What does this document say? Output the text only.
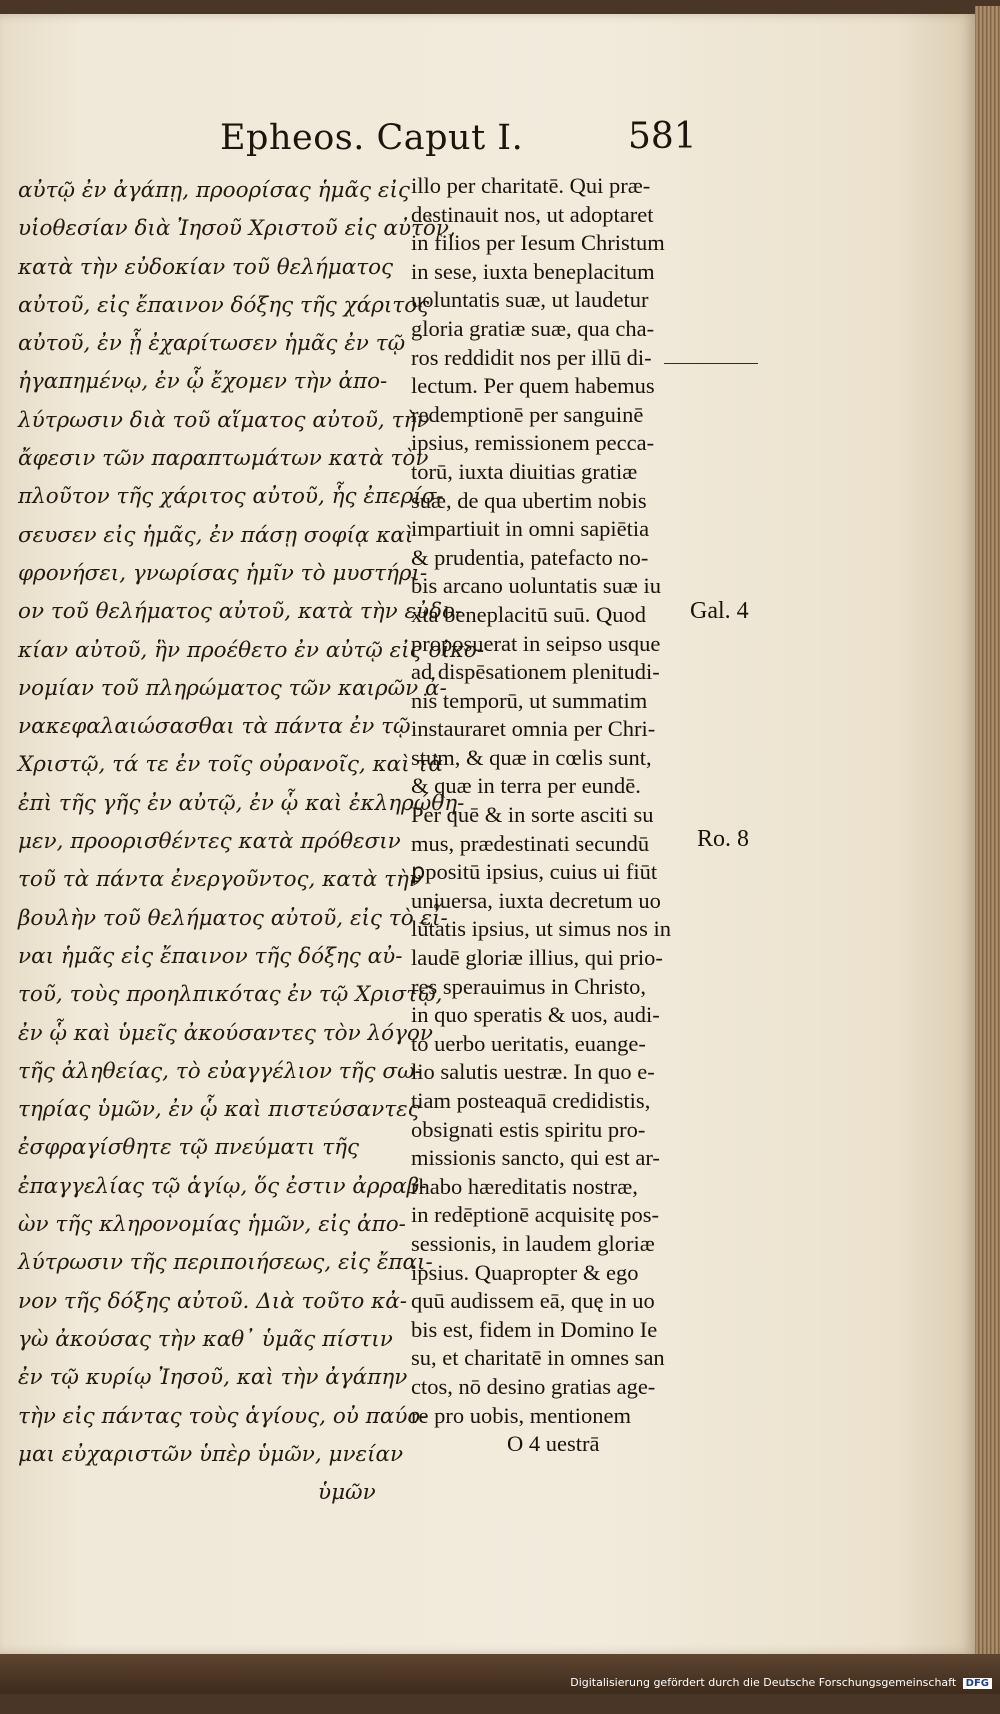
Epheos. Caput I.	581
αὐτῷ ἐν ἀγάπῃ, προορίσας ἡμᾶς εἰς
υἱοθεσίαν διὰ Ἰησοῦ Χριστοῦ εἰς αὐτὸν,
κατὰ τὴν εὐδοκίαν τοῦ θελήματος
αὐτοῦ, εἰς ἔπαινον δόξης τῆς χάριτος
αὐτοῦ, ἐν ᾗ ἐχαρίτωσεν ἡμᾶς ἐν τῷ
ἠγαπημένῳ, ἐν ᾧ ἔχομεν τὴν ἀπο-
λύτρωσιν διὰ τοῦ αἵματος αὐτοῦ, τὴν
ἄφεσιν τῶν παραπτωμάτων κατὰ τὸν
πλοῦτον τῆς χάριτος αὐτοῦ, ἧς ἐπερίσ-
σευσεν εἰς ἡμᾶς, ἐν πάσῃ σοφίᾳ καὶ
φρονήσει, γνωρίσας ἡμῖν τὸ μυστήρι-
ον τοῦ θελήματος αὐτοῦ, κατὰ τὴν εὐδο-
κίαν αὐτοῦ, ἣν προέθετο ἐν αὐτῷ εἰς οἰκο-
νομίαν τοῦ πληρώματος τῶν καιρῶν ἀ-
νακεφαλαιώσασθαι τὰ πάντα ἐν τῷ
Χριστῷ, τά τε ἐν τοῖς οὐρανοῖς, καὶ τὰ
ἐπὶ τῆς γῆς ἐν αὐτῷ, ἐν ᾧ καὶ ἐκληρώθη-
μεν, προορισθέντες κατὰ πρόθεσιν
τοῦ τὰ πάντα ἐνεργοῦντος, κατὰ τὴν
βουλὴν τοῦ θελήματος αὐτοῦ, εἰς τὸ εἶ-
ναι ἡμᾶς εἰς ἔπαινον τῆς δόξης αὐ-
τοῦ, τοὺς προηλπικότας ἐν τῷ Χριστῷ,
ἐν ᾧ καὶ ὑμεῖς ἀκούσαντες τὸν λόγον
τῆς ἀληθείας, τὸ εὐαγγέλιον τῆς σω-
τηρίας ὑμῶν, ἐν ᾧ καὶ πιστεύσαντες
ἐσφραγίσθητε τῷ πνεύματι τῆς
ἐπαγγελίας τῷ ἁγίῳ, ὅς ἐστιν ἀρραβ-
ὼν τῆς κληρονομίας ἡμῶν, εἰς ἀπο-
λύτρωσιν τῆς περιποιήσεως, εἰς ἔπαι-
νον τῆς δόξης αὐτοῦ. Διὰ τοῦτο κἀ-
γὼ ἀκούσας τὴν καθ᾽ ὑμᾶς πίστιν
ἐν τῷ κυρίῳ Ἰησοῦ, καὶ τὴν ἀγάπην
τὴν εἰς πάντας τοὺς ἁγίους, οὐ παύο-
μαι εὐχαριστῶν ὑπὲρ ὑμῶν, μνείαν
ὑμῶν
illo per charitatē. Qui præ-
destinauit nos, ut adoptaret
in filios per Iesum Christum
in sese, iuxta beneplacitum
uoluntatis suæ, ut laudetur
gloria gratiæ suæ, qua cha-
ros reddidit nos per illū di-
lectum. Per quem habemus
redemptionē per sanguinē
ipsius, remissionem pecca-
torū, iuxta diuitias gratiæ
suæ, de qua ubertim nobis
impartiuit in omni sapiētia
& prudentia, patefacto no-
bis arcano uoluntatis suæ iu
xta beneplacitū suū. Quod
proposuerat in seipso usque
ad dispēsationem plenitudi-
nis temporū, ut summatim
instauraret omnia per Chri-
stum, & quæ in cœlis sunt,
& quæ in terra per eundē.
Per quē & in sorte asciti su
mus, prædestinati secundū
ꝑpositū ipsius, cuius ui fiūt
uniuersa, iuxta decretum uo
lūtatis ipsius, ut simus nos in
laudē gloriæ illius, qui prio-
res sperauimus in Christo,
in quo speratis & uos, audi-
to uerbo ueritatis, euange-
lio salutis uestræ. In quo e-
tiam posteaquā credidistis,
obsignati estis spiritu pro-
missionis sancto, qui est ar-
rhabo hæreditatis nostræ,
in redēptionē acquisitę pos-
sessionis, in laudem gloriæ
ipsius. Quapropter & ego
quū audissem eā, quę in uo
bis est, fidem in Domino Ie
su, et charitatē in omnes san
ctos, nō desino gratias age-
re pro uobis, mentionem
O 4 uestrā
Gal. 4
Ro. 8
Digitalisierung gefördert durch die Deutsche Forschungsgemeinschaft DFG
